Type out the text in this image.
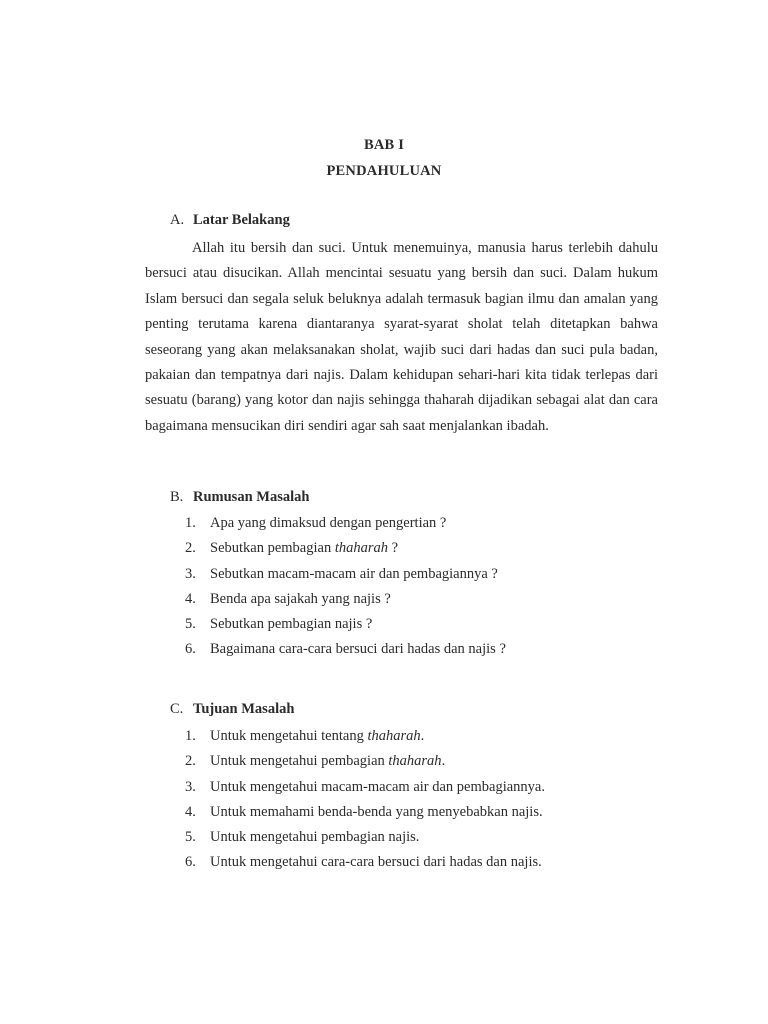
BAB I
PENDAHULUAN
A. Latar Belakang

Allah itu bersih dan suci. Untuk menemuinya, manusia harus terlebih dahulu bersuci atau disucikan. Allah mencintai sesuatu yang bersih dan suci. Dalam hukum Islam bersuci dan segala seluk beluknya adalah termasuk bagian ilmu dan amalan yang penting terutama karena diantaranya syarat-syarat sholat telah ditetapkan bahwa seseorang yang akan melaksanakan sholat, wajib suci dari hadas dan suci pula badan, pakaian dan tempatnya dari najis. Dalam kehidupan sehari-hari kita tidak terlepas dari sesuatu (barang) yang kotor dan najis sehingga thaharah dijadikan sebagai alat dan cara bagaimana mensucikan diri sendiri agar sah saat menjalankan ibadah.

B. Rumusan Masalah
1. Apa yang dimaksud dengan pengertian ?
2. Sebutkan pembagian thaharah ?
3. Sebutkan macam-macam air dan pembagiannya ?
4. Benda apa sajakah yang najis ?
5. Sebutkan pembagian najis ?
6. Bagaimana cara-cara bersuci dari hadas dan najis ?
C. Tujuan Masalah
1. Untuk mengetahui tentang thaharah.
2. Untuk mengetahui pembagian thaharah.
3. Untuk mengetahui macam-macam air dan pembagiannya.
4. Untuk memahami benda-benda yang menyebabkan najis.
5. Untuk mengetahui pembagian najis.
6. Untuk mengetahui cara-cara bersuci dari hadas dan najis.
